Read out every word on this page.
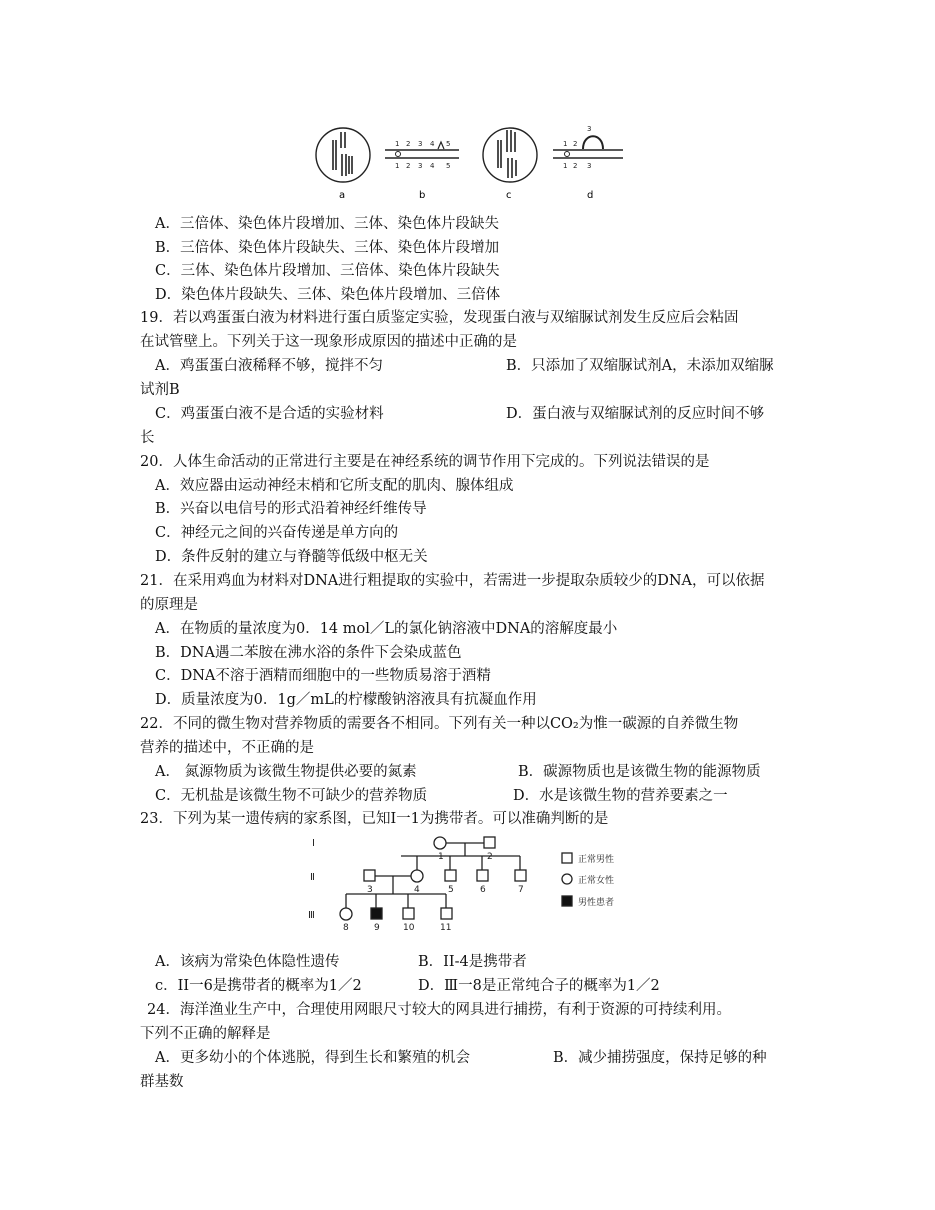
a
1 2 3 4 5
1 2 3 4 5
b	c
1 2
3
1 2 3
d
A．三倍体、染色体片段增加、三体、染色体片段缺失
B．三倍体、染色体片段缺失、三体、染色体片段增加
C．三体、染色体片段增加、三倍体、染色体片段缺失
D．染色体片段缺失、三体、染色体片段增加、三倍体
19．若以鸡蛋蛋白液为材料进行蛋白质鉴定实验，发现蛋白液与双缩脲试剂发生反应后会粘固
在试管壁上。下列关于这一现象形成原因的描述中正确的是
A．鸡蛋蛋白液稀释不够，搅拌不匀	B．只添加了双缩脲试剂A，未添加双缩脲
试剂B
C．鸡蛋蛋白液不是合适的实验材料	D．蛋白液与双缩脲试剂的反应时间不够
长
20．人体生命活动的正常进行主要是在神经系统的调节作用下完成的。下列说法错误的是
A．效应器由运动神经末梢和它所支配的肌肉、腺体组成
B．兴奋以电信号的形式沿着神经纤维传导
C．神经元之间的兴奋传递是单方向的
D．条件反射的建立与脊髓等低级中枢无关
21．在采用鸡血为材料对DNA进行粗提取的实验中，若需进一步提取杂质较少的DNA，可以依据
的原理是
A．在物质的量浓度为0．14 mol／L的氯化钠溶液中DNA的溶解度最小
B．DNA遇二苯胺在沸水浴的条件下会染成蓝色
C．DNA不溶于酒精而细胞中的一些物质易溶于酒精
D．质量浓度为0．1g／mL的柠檬酸钠溶液具有抗凝血作用
22．不同的微生物对营养物质的需要各不相同。下列有关一种以CO₂为惟一碳源的自养微生物
营养的描述中，不正确的是
A． 氮源物质为该微生物提供必要的氮素	B．碳源物质也是该微生物的能源物质
C．无机盐是该微生物不可缺少的营养物质	D．水是该微生物的营养要素之一
23．下列为某一遗传病的家系图，已知I一1为携带者。可以准确判断的是
Ⅰ
Ⅱ
Ⅲ
1	2
3	4	5	6	7
8	9	10	11
正常男性
正常女性
男性患者
A．该病为常染色体隐性遗传	B．II-4是携带者
c．II一6是携带者的概率为1／2	D．Ⅲ一8是正常纯合子的概率为1／2
24．海洋渔业生产中，合理使用网眼尺寸较大的网具进行捕捞，有利于资源的可持续利用。
下列不正确的解释是
A．更多幼小的个体逃脱，得到生长和繁殖的机会	B．减少捕捞强度，保持足够的种
群基数
